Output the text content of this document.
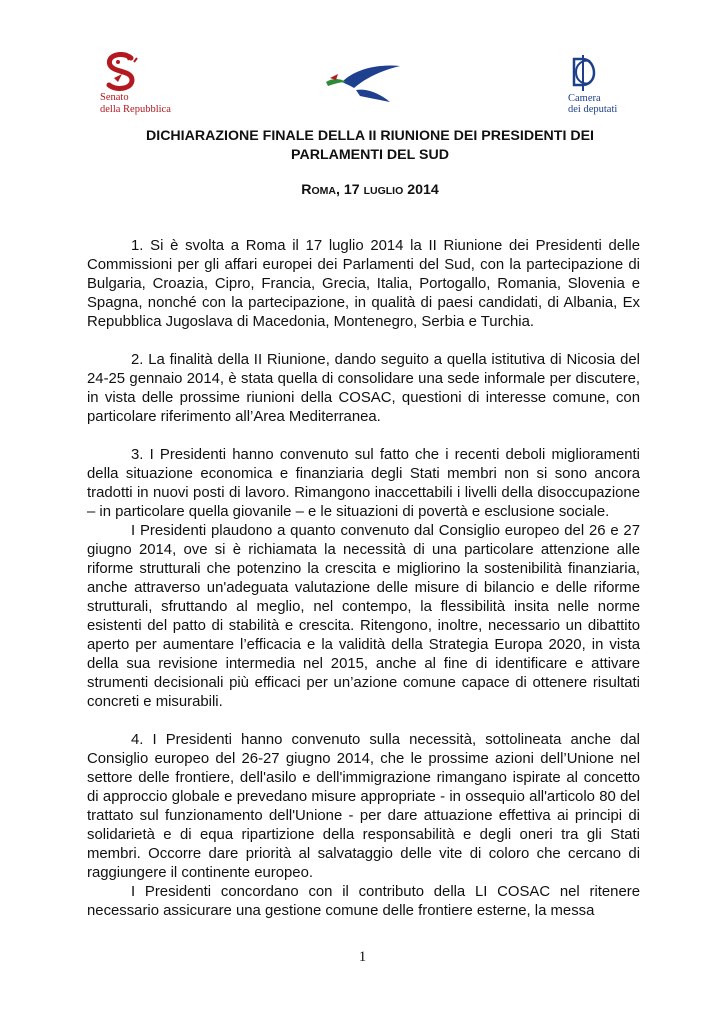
Senato
della Repubblica
Camera
dei deputati
DICHIARAZIONE FINALE DELLA II RIUNIONE DEI PRESIDENTI DEI
PARLAMENTI DEL SUD
ROMA, 17 LUGLIO 2014

1. Si è svolta a Roma il 17 luglio 2014 la II Riunione dei Presidenti delle Commissioni per gli affari europei dei Parlamenti del Sud, con la partecipazione di Bulgaria, Croazia, Cipro, Francia, Grecia, Italia, Portogallo, Romania, Slovenia e Spagna, nonché con la partecipazione, in qualità di paesi candidati, di Albania, Ex Repubblica Jugoslava di Macedonia, Montenegro, Serbia e Turchia.

2. La finalità della II Riunione, dando seguito a quella istitutiva di Nicosia del 24-25 gennaio 2014, è stata quella di consolidare una sede informale per discutere, in vista delle prossime riunioni della COSAC, questioni di interesse comune, con particolare riferimento all’Area Mediterranea.

3. I Presidenti hanno convenuto sul fatto che i recenti deboli miglioramenti della situazione economica e finanziaria degli Stati membri non si sono ancora tradotti in nuovi posti di lavoro. Rimangono inaccettabili i livelli della disoccupazione – in particolare quella giovanile – e le situazioni di povertà e esclusione sociale.

I Presidenti plaudono a quanto convenuto dal Consiglio europeo del 26 e 27 giugno 2014, ove si è richiamata la necessità di una particolare attenzione alle riforme strutturali che potenzino la crescita e migliorino la sostenibilità finanziaria, anche attraverso un'adeguata valutazione delle misure di bilancio e delle riforme strutturali, sfruttando al meglio, nel contempo, la flessibilità insita nelle norme esistenti del patto di stabilità e crescita. Ritengono, inoltre, necessario un dibattito aperto per aumentare l’efficacia e la validità della Strategia Europa 2020, in vista della sua revisione intermedia nel 2015, anche al fine di identificare e attivare strumenti decisionali più efficaci per un’azione comune capace di ottenere risultati concreti e misurabili.

4. I Presidenti hanno convenuto sulla necessità, sottolineata anche dal Consiglio europeo del 26-27 giugno 2014, che le prossime azioni dell’Unione nel settore delle frontiere, dell'asilo e dell'immigrazione rimangano ispirate al concetto di approccio globale e prevedano misure appropriate - in ossequio all'articolo 80 del trattato sul funzionamento dell'Unione - per dare attuazione effettiva ai principi di solidarietà e di equa ripartizione della responsabilità e degli oneri tra gli Stati membri. Occorre dare priorità al salvataggio delle vite di coloro che cercano di raggiungere il continente europeo.

I Presidenti concordano con il contributo della LI COSAC nel ritenere necessario assicurare una gestione comune delle frontiere esterne, la messa

1
